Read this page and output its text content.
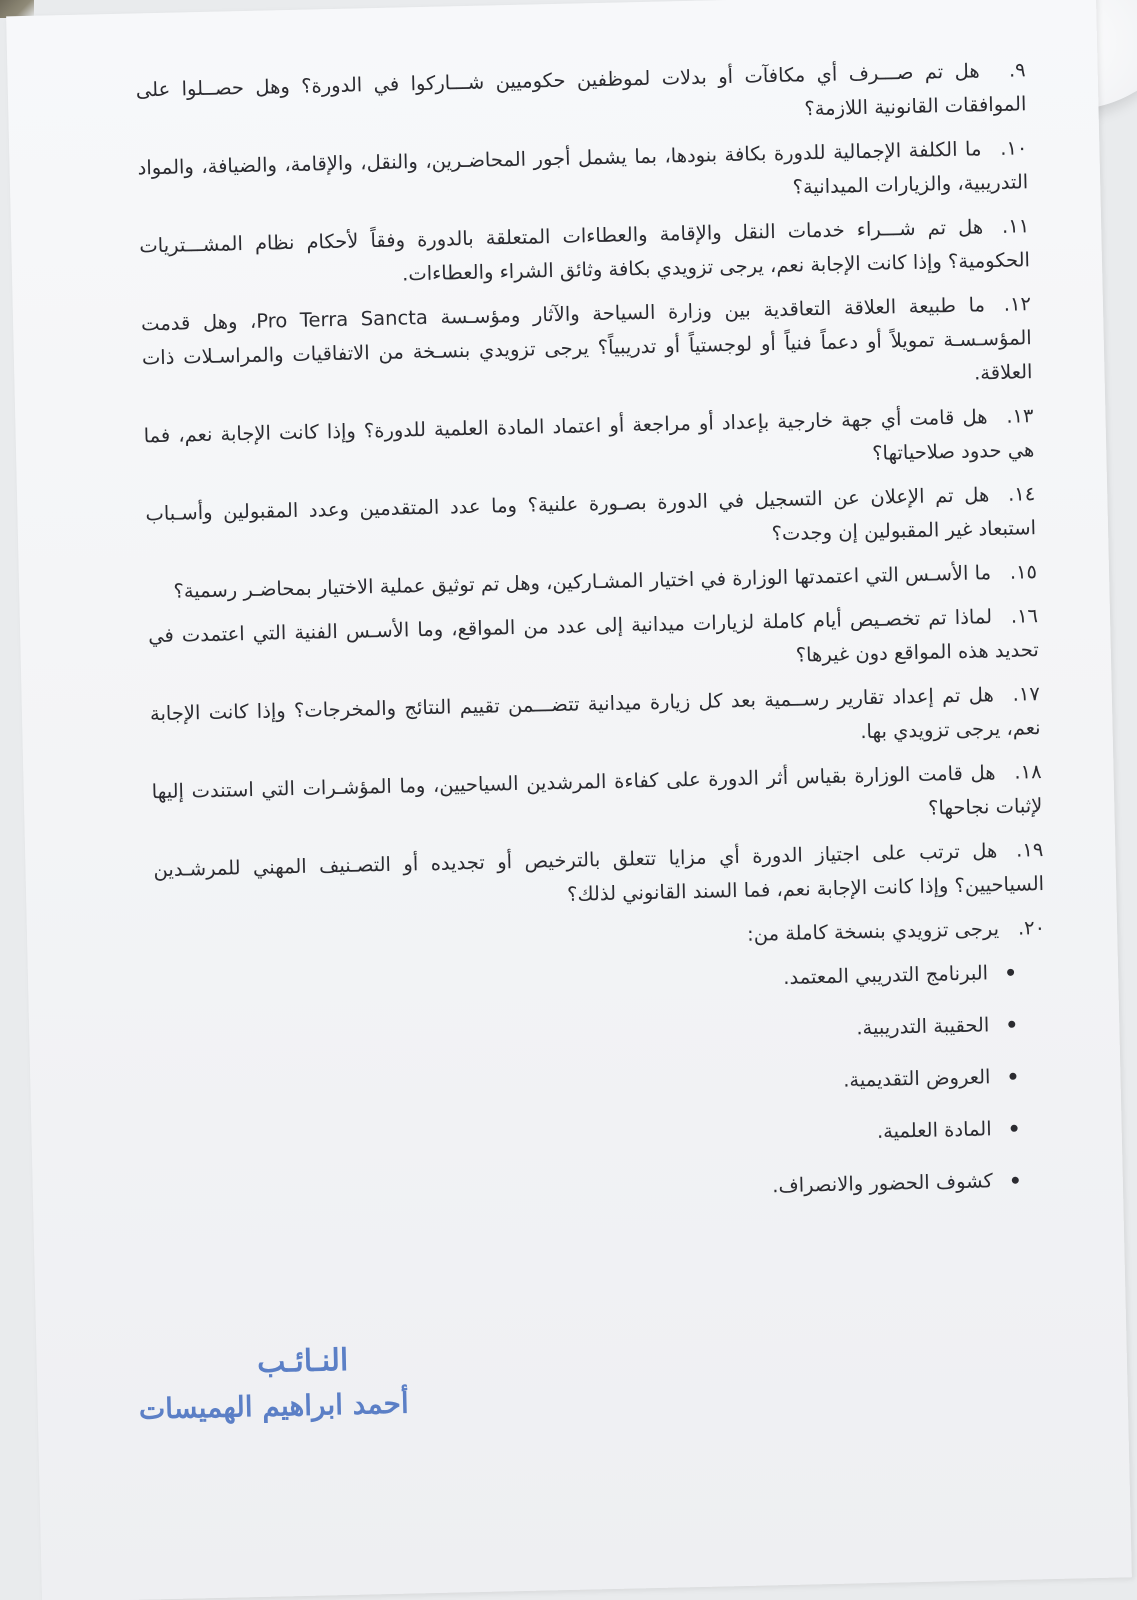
٩.هل تم صـــرف أي مكافآت أو بدلات لموظفين حكوميين شـــاركوا في الدورة؟ وهل حصــلوا على الموافقات القانونية اللازمة؟

١٠.ما الكلفة الإجمالية للدورة بكافة بنودها، بما يشمل أجور المحاضـرين، والنقل، والإقامة، والضيافة، والمواد التدريبية، والزيارات الميدانية؟

١١.هل تم شـــراء خدمات النقل والإقامة والعطاءات المتعلقة بالدورة وفقاً لأحكام نظام المشـــتريات الحكومية؟ وإذا كانت الإجابة نعم، يرجى تزويدي بكافة وثائق الشراء والعطاءات.

١٢.ما طبيعة العلاقة التعاقدية بين وزارة السياحة والآثار ومؤسـسة Pro Terra Sancta، وهل قدمت المؤسـسـة تمويلاً أو دعماً فنياً أو لوجستياً أو تدريبياً؟ يرجى تزويدي بنسـخة من الاتفاقيات والمراسـلات ذات العلاقة.

١٣.هل قامت أي جهة خارجية بإعداد أو مراجعة أو اعتماد المادة العلمية للدورة؟ وإذا كانت الإجابة نعم، فما هي حدود صلاحياتها؟

١٤.هل تم الإعلان عن التسجيل في الدورة بصـورة علنية؟ وما عدد المتقدمين وعدد المقبولين وأسـباب استبعاد غير المقبولين إن وجدت؟

١٥.ما الأسـس التي اعتمدتها الوزارة في اختيار المشـاركين، وهل تم توثيق عملية الاختيار بمحاضـر رسمية؟

١٦.لماذا تم تخصـيص أيام كاملة لزيارات ميدانية إلى عدد من المواقع، وما الأسـس الفنية التي اعتمدت في تحديد هذه المواقع دون غيرها؟

١٧.هل تم إعداد تقارير رســمية بعد كل زيارة ميدانية تتضـــمن تقييم النتائج والمخرجات؟ وإذا كانت الإجابة نعم، يرجى تزويدي بها.

١٨.هل قامت الوزارة بقياس أثر الدورة على كفاءة المرشدين السياحيين، وما المؤشـرات التي استندت إليها لإثبات نجاحها؟

١٩.هل ترتب على اجتياز الدورة أي مزايا تتعلق بالترخيص أو تجديده أو التصـنيف المهني للمرشـدين السياحيين؟ وإذا كانت الإجابة نعم، فما السند القانوني لذلك؟

٢٠.يرجى تزويدي بنسخة كاملة من:

البرنامج التدريبي المعتمد.
الحقيبة التدريبية.
العروض التقديمية.
المادة العلمية.
كشوف الحضور والانصراف.
النـائـب
أحمد ابراهيم الهميسات
